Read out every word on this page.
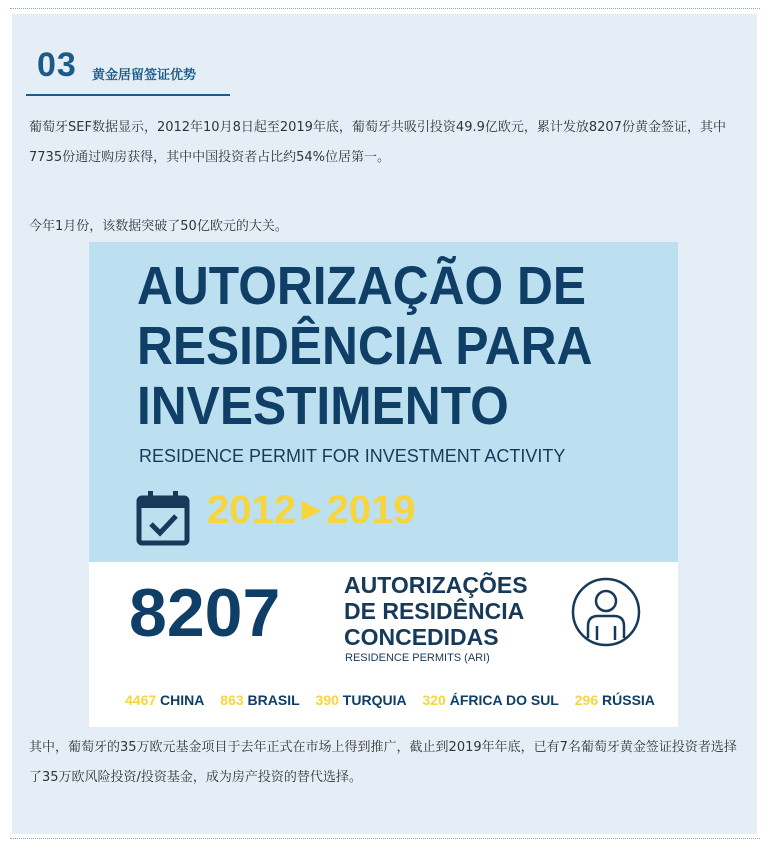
03 黄金居留签证优势
葡萄牙SEF数据显示，2012年10月8日起至2019年底，葡萄牙共吸引投资49.9亿欧元，累计发放8207份黄金签证，其中7735份通过购房获得，其中中国投资者占比约54%位居第一。
今年1月份，该数据突破了50亿欧元的大关。
AUTORIZAÇÃO DE
RESIDÊNCIA PARA
INVESTIMENTO
RESIDENCE PERMIT FOR INVESTMENT ACTIVITY
2012 ▶ 2019
8207	AUTORIZAÇÕES
DE RESIDÊNCIA
CONCEDIDAS
RESIDENCE PERMITS (ARI)
4467 CHINA 863 BRASIL 390 TURQUIA 320 ÁFRICA DO SUL 296 RÚSSIA
其中，葡萄牙的35万欧元基金项目于去年正式在市场上得到推广，截止到2019年年底，已有7名葡萄牙黄金签证投资者选择了35万欧风险投资/投资基金，成为房产投资的替代选择。
